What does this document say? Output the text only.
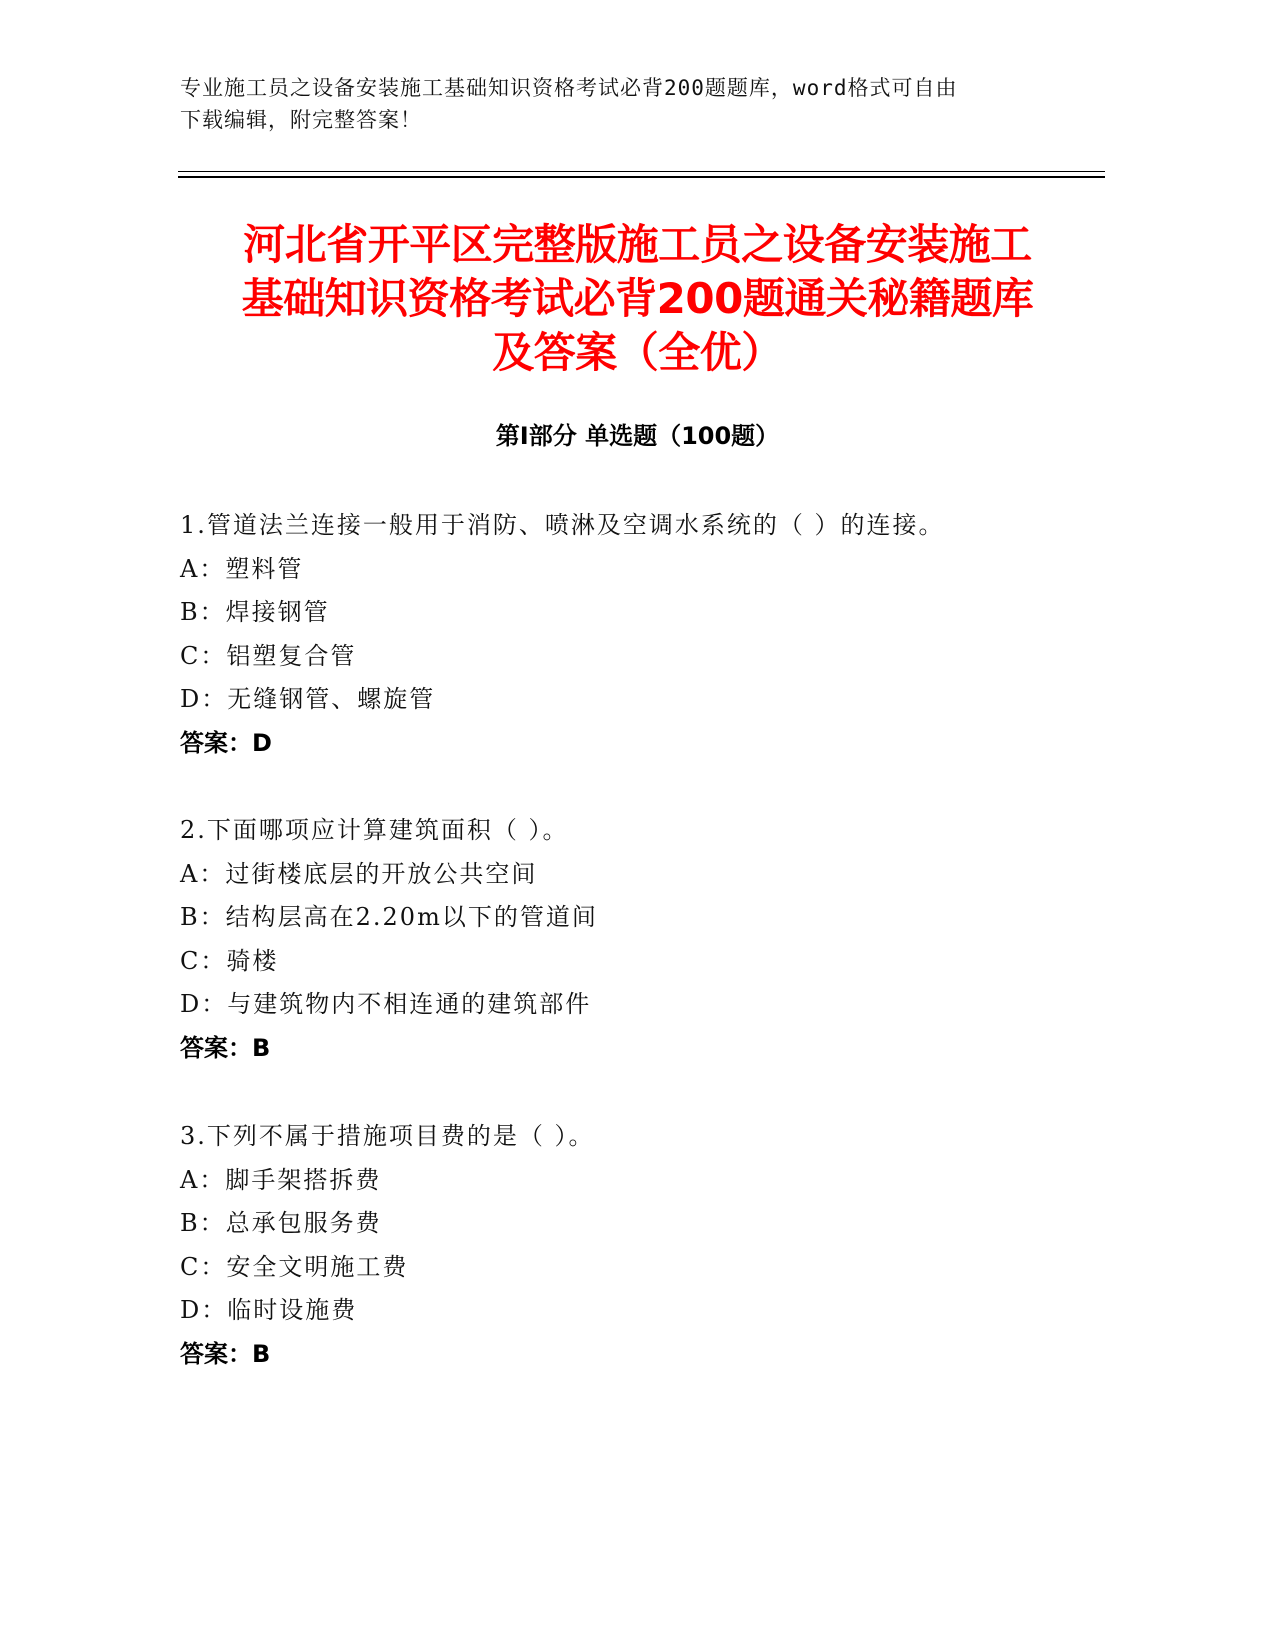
专业施工员之设备安装施工基础知识资格考试必背200题题库，word格式可自由
下载编辑，附完整答案！
河北省开平区完整版施工员之设备安装施工
基础知识资格考试必背200题通关秘籍题库
及答案（全优）
第Ⅰ部分 单选题（100题）
1.管道法兰连接一般用于消防、喷淋及空调水系统的（ ）的连接。
A：塑料管
B：焊接钢管
C：铝塑复合管
D：无缝钢管、螺旋管
答案：D
2.下面哪项应计算建筑面积（ ）。
A：过街楼底层的开放公共空间
B：结构层高在2.20m以下的管道间
C：骑楼
D：与建筑物内不相连通的建筑部件
答案：B
3.下列不属于措施项目费的是（ ）。
A：脚手架搭拆费
B：总承包服务费
C：安全文明施工费
D：临时设施费
答案：B
